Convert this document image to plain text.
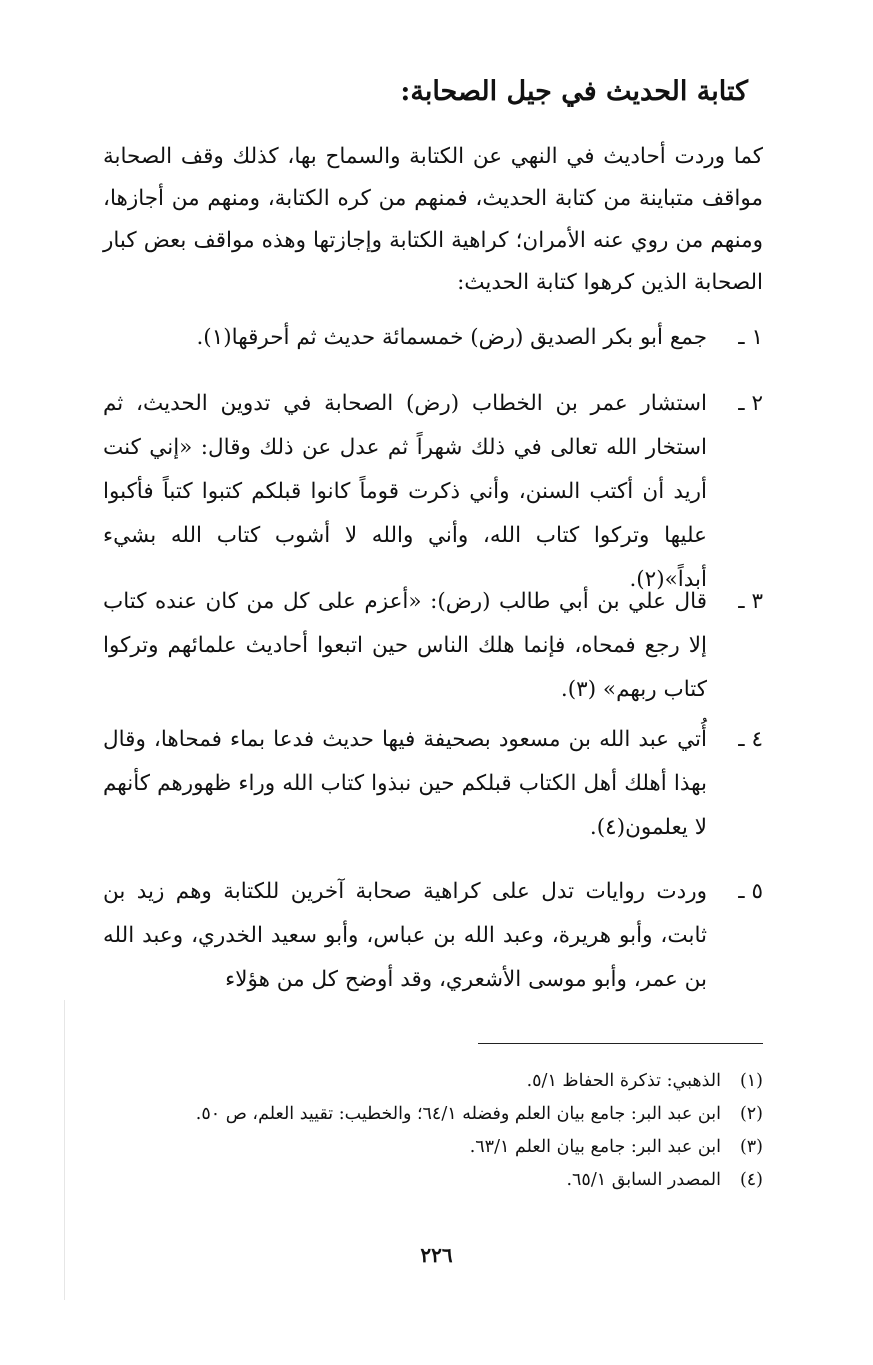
كتابة الحديث في جيل الصحابة:
كما وردت أحاديث في النهي عن الكتابة والسماح بها، كذلك وقف الصحابة مواقف متباينة من كتابة الحديث، فمنهم من كره الكتابة، ومنهم من أجازها، ومنهم من روي عنه الأمران؛ كراهية الكتابة وإجازتها وهذه مواقف بعض كبار الصحابة الذين كرهوا كتابة الحديث:
١ ـ
جمع أبو بكر الصديق (رض) خمسمائة حديث ثم أحرقها(١).
٢ ـ
استشار عمر بن الخطاب (رض) الصحابة في تدوين الحديث، ثم استخار الله تعالى في ذلك شهراً ثم عدل عن ذلك وقال: «إني كنت أريد أن أكتب السنن، وأني ذكرت قوماً كانوا قبلكم كتبوا كتباً فأكبوا عليها وتركوا كتاب الله، وأني والله لا أشوب كتاب الله بشيء أبداً»(٢).
٣ ـ
قال علي بن أبي طالب (رض): «أعزم على كل من كان عنده كتاب إلا رجع فمحاه، فإنما هلك الناس حين اتبعوا أحاديث علمائهم وتركوا كتاب ربهم» (٣).
٤ ـ
أُتي عبد الله بن مسعود بصحيفة فيها حديث فدعا بماء فمحاها، وقال بهذا أهلك أهل الكتاب قبلكم حين نبذوا كتاب الله وراء ظهورهم كأنهم لا يعلمون(٤).
٥ ـ
وردت روايات تدل على كراهية صحابة آخرين للكتابة وهم زيد بن ثابت، وأبو هريرة، وعبد الله بن عباس، وأبو سعيد الخدري، وعبد الله بن عمر، وأبو موسى الأشعري، وقد أوضح كل من هؤلاء
(١)الذهبي: تذكرة الحفاظ ٥/١.
(٢)ابن عبد البر: جامع بيان العلم وفضله ٦٤/١؛ والخطيب: تقييد العلم، ص ٥٠.
(٣)ابن عبد البر: جامع بيان العلم ٦٣/١.
(٤)المصدر السابق ٦٥/١.
٢٢٦
